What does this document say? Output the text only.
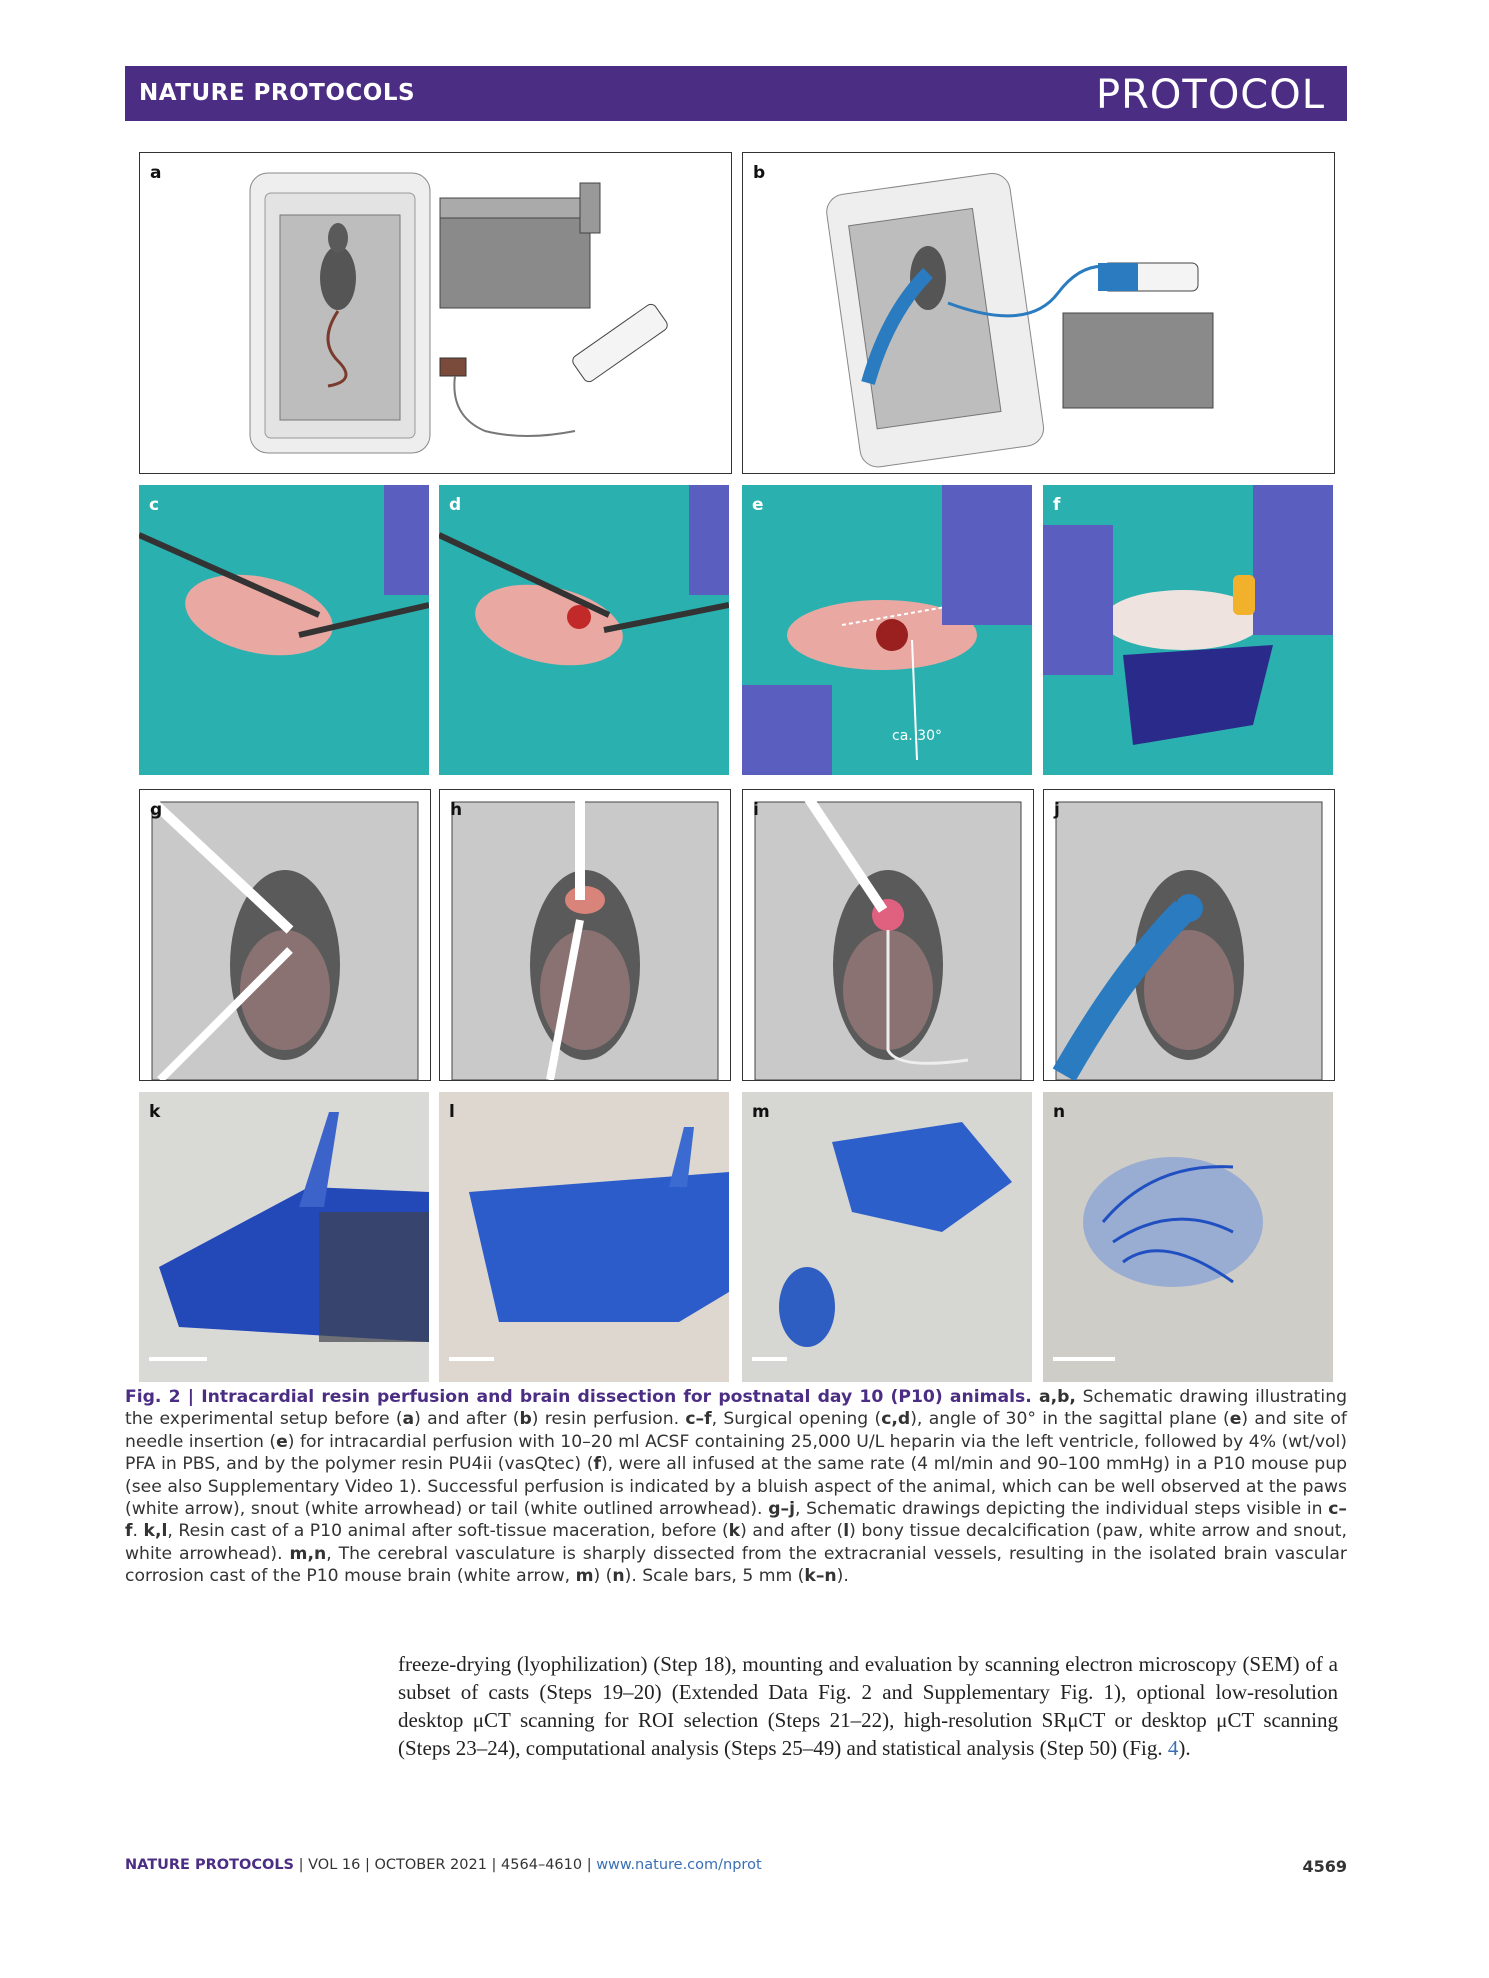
NATURE PROTOCOLS	PROTOCOL
a	b
c	d	e
ca. 30°
f
g	h	i	j
k	l	m	n
Fig. 2 | Intracardial resin perfusion and brain dissection for postnatal day 10 (P10) animals. a,b, Schematic drawing illustrating the experimental setup before (a) and after (b) resin perfusion. c–f, Surgical opening (c,d), angle of 30° in the sagittal plane (e) and site of needle insertion (e) for intracardial perfusion with 10–20 ml ACSF containing 25,000 U/L heparin via the left ventricle, followed by 4% (wt/vol) PFA in PBS, and by the polymer resin PU4ii (vasQtec) (f), were all infused at the same rate (4 ml/min and 90–100 mmHg) in a P10 mouse pup (see also Supplementary Video 1). Successful perfusion is indicated by a bluish aspect of the animal, which can be well observed at the paws (white arrow), snout (white arrowhead) or tail (white outlined arrowhead). g–j, Schematic drawings depicting the individual steps visible in c–f. k,l, Resin cast of a P10 animal after soft-tissue maceration, before (k) and after (l) bony tissue decalcification (paw, white arrow and snout, white arrowhead). m,n, The cerebral vasculature is sharply dissected from the extracranial vessels, resulting in the isolated brain vascular corrosion cast of the P10 mouse brain (white arrow, m) (n). Scale bars, 5 mm (k–n).
freeze-drying (lyophilization) (Step 18), mounting and evaluation by scanning electron microscopy (SEM) of a subset of casts (Steps 19–20) (Extended Data Fig. 2 and Supplementary Fig. 1), optional low-resolution desktop μCT scanning for ROI selection (Steps 21–22), high-resolution SRμCT or desktop μCT scanning (Steps 23–24), computational analysis (Steps 25–49) and statistical analysis (Step 50) (Fig. 4).
NATURE PROTOCOLS | VOL 16 | OCTOBER 2021 | 4564–4610 | www.nature.com/nprot	4569
